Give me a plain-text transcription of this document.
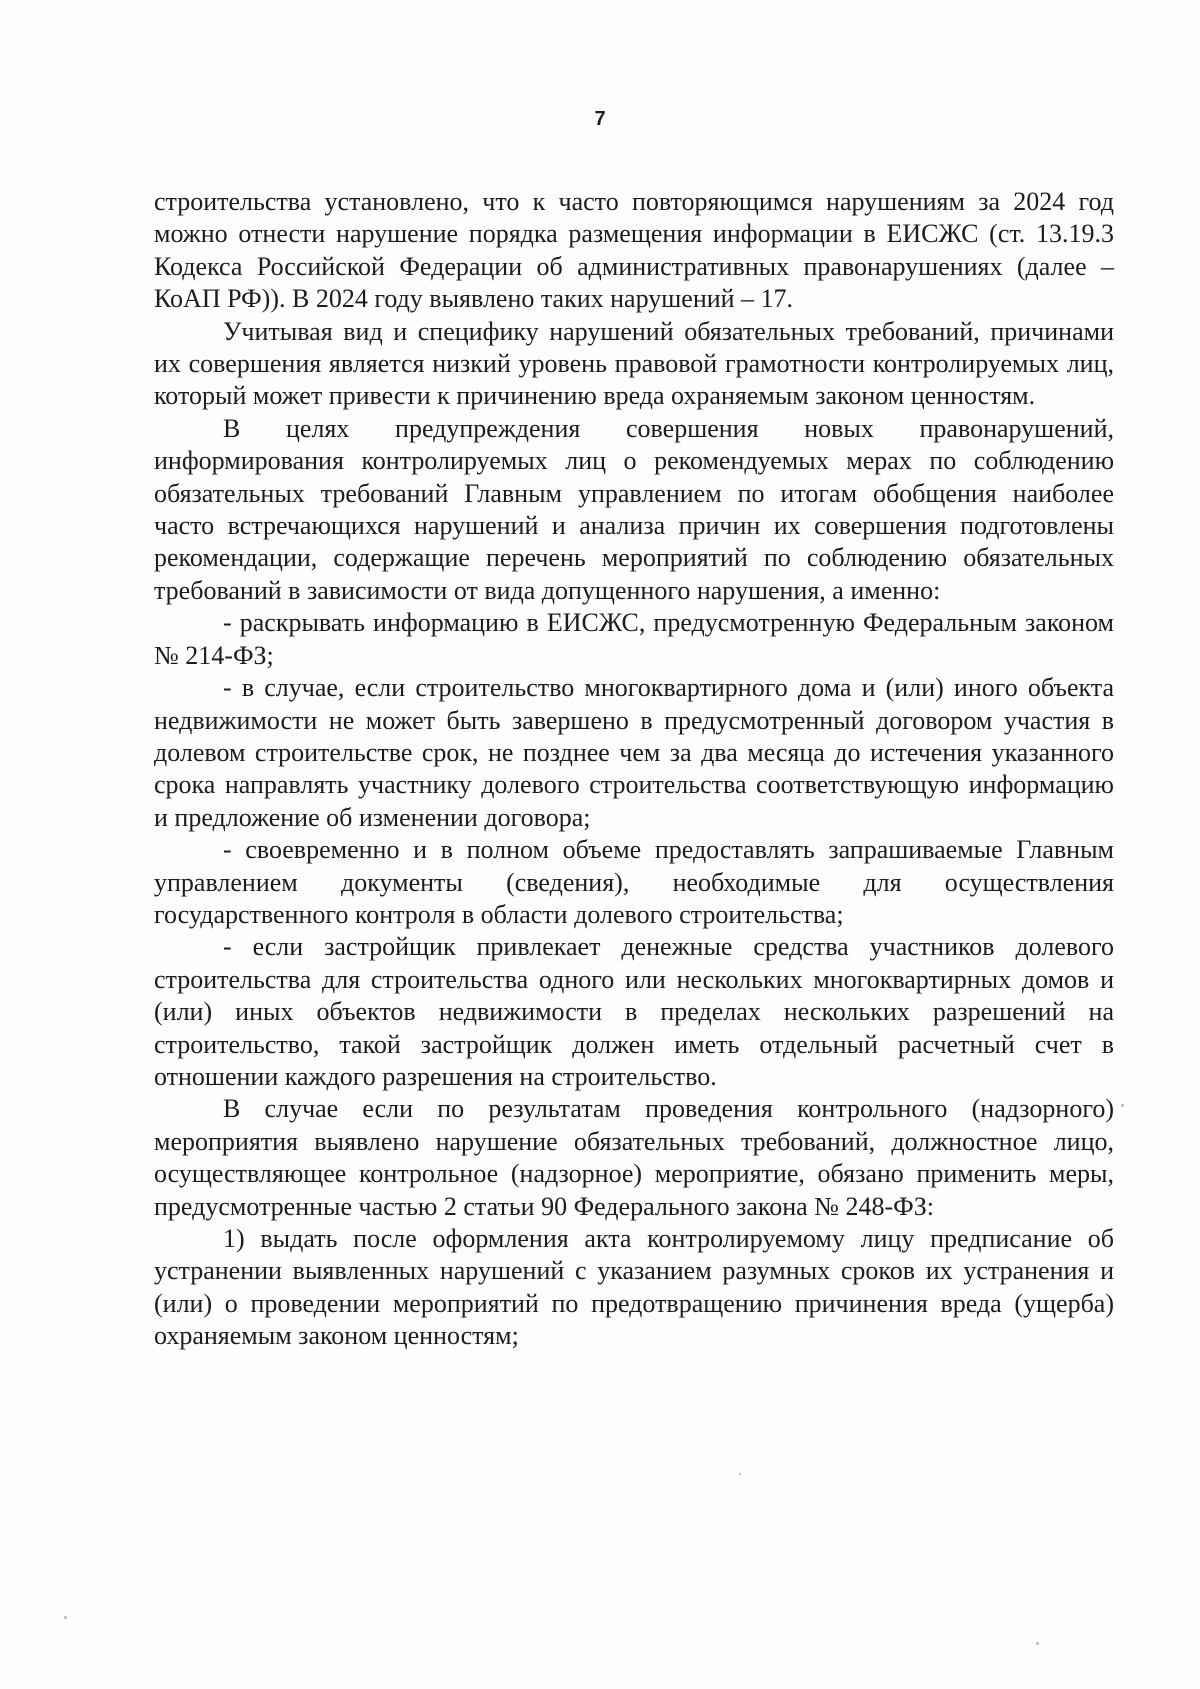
7

строительства установлено, что к часто повторяющимся нарушениям за 2024 год можно отнести нарушение порядка размещения информации в ЕИСЖС (ст. 13.19.3 Кодекса Российской Федерации об административных правонарушениях (далее – КоАП РФ)). В 2024 году выявлено таких нарушений – 17.

Учитывая вид и специфику нарушений обязательных требований, причинами их совершения является низкий уровень правовой грамотности контролируемых лиц, который может привести к причинению вреда охраняемым законом ценностям.

В целях предупреждения совершения новых правонарушений, информирования контролируемых лиц о рекомендуемых мерах по соблюдению обязательных требований Главным управлением по итогам обобщения наиболее часто встречающихся нарушений и анализа причин их совершения подготовлены рекомендации, содержащие перечень мероприятий по соблюдению обязательных требований в зависимости от вида допущенного нарушения, а именно:

- раскрывать информацию в ЕИСЖС, предусмотренную Федеральным законом № 214-ФЗ;

- в случае, если строительство многоквартирного дома и (или) иного объекта недвижимости не может быть завершено в предусмотренный договором участия в долевом строительстве срок, не позднее чем за два месяца до истечения указанного срока направлять участнику долевого строительства соответствующую информацию и предложение об изменении договора;

- своевременно и в полном объеме предоставлять запрашиваемые Главным управлением документы (сведения), необходимые для осуществления государственного контроля в области долевого строительства;

- если застройщик привлекает денежные средства участников долевого строительства для строительства одного или нескольких многоквартирных домов и (или) иных объектов недвижимости в пределах нескольких разрешений на строительство, такой застройщик должен иметь отдельный расчетный счет в отношении каждого разрешения на строительство.

В случае если по результатам проведения контрольного (надзорного) мероприятия выявлено нарушение обязательных требований, должностное лицо, осуществляющее контрольное (надзорное) мероприятие, обязано применить меры, предусмотренные частью 2 статьи 90 Федерального закона № 248-ФЗ:

1) выдать после оформления акта контролируемому лицу предписание об устранении выявленных нарушений с указанием разумных сроков их устранения и (или) о проведении мероприятий по предотвращению причинения вреда (ущерба) охраняемым законом ценностям;
